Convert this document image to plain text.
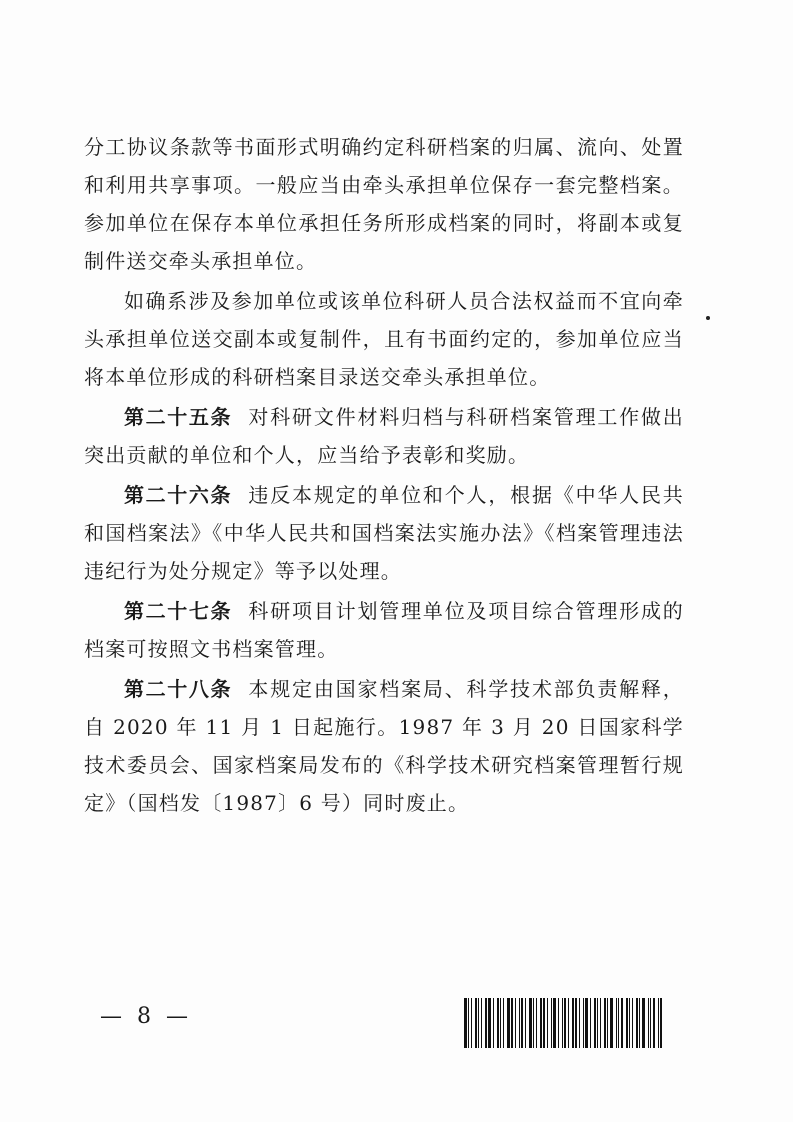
分工协议条款等书面形式明确约定科研档案的归属、流向、处置和利用共享事项。一般应当由牵头承担单位保存一套完整档案。参加单位在保存本单位承担任务所形成档案的同时，将副本或复制件送交牵头承担单位。

如确系涉及参加单位或该单位科研人员合法权益而不宜向牵头承担单位送交副本或复制件，且有书面约定的，参加单位应当将本单位形成的科研档案目录送交牵头承担单位。

第二十五条 对科研文件材料归档与科研档案管理工作做出突出贡献的单位和个人，应当给予表彰和奖励。

第二十六条 违反本规定的单位和个人，根据《中华人民共和国档案法》《中华人民共和国档案法实施办法》《档案管理违法违纪行为处分规定》等予以处理。

第二十七条 科研项目计划管理单位及项目综合管理形成的档案可按照文书档案管理。

第二十八条 本规定由国家档案局、科学技术部负责解释，自 2020 年 11 月 1 日起施行。1987 年 3 月 20 日国家科学技术委员会、国家档案局发布的《科学技术研究档案管理暂行规定》（国档发〔1987〕6 号）同时废止。

— 8 —
